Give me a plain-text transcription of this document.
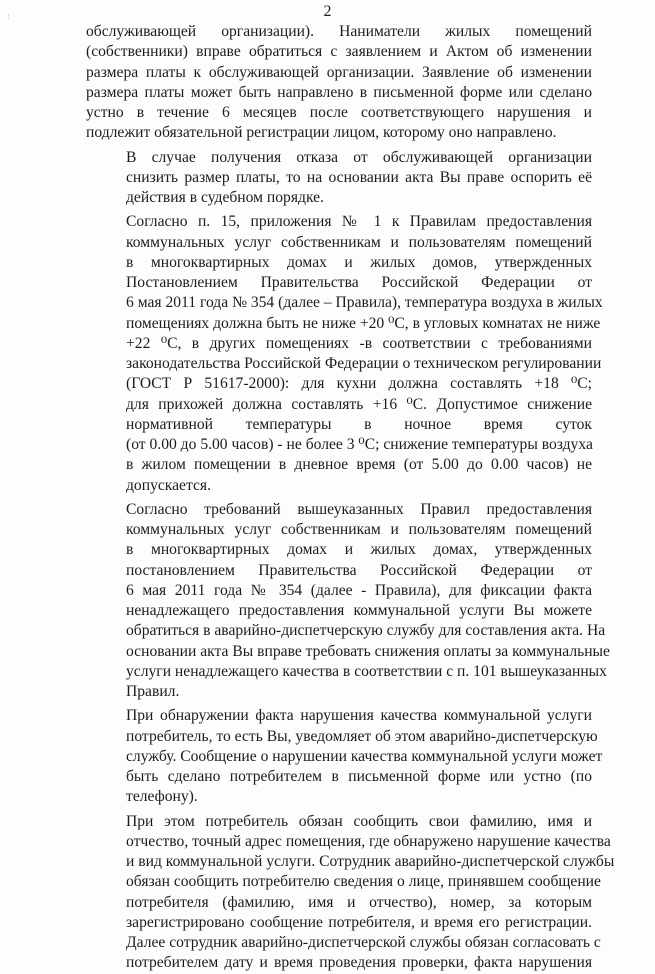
· ·	2
обслуживающей организации). Наниматели жилых помещений
(собственники) вправе обратиться с заявлением и Актом об изменении
размера платы к обслуживающей организации. Заявление об изменении
размера платы может быть направлено в письменной форме или сделано
устно в течение 6 месяцев после соответствующего нарушения и
подлежит обязательной регистрации лицом, которому оно направлено.
В случае получения отказа от обслуживающей организации
снизить размер платы, то на основании акта Вы праве оспорить её
действия в судебном порядке.
Согласно п. 15, приложения № 1 к Правилам предоставления
коммунальных услуг собственникам и пользователям помещений
в многоквартирных домах и жилых домов, утвержденных
Постановлением Правительства Российской Федерации от
6 мая 2011 года № 354 (далее – Правила), температура воздуха в жилых
помещениях должна быть не ниже +20 ⁰С, в угловых комнатах не ниже
+22 ⁰С, в других помещениях -в соответствии с требованиями
законодательства Российской Федерации о техническом регулировании
(ГОСТ Р 51617-2000): для кухни должна составлять +18 ⁰С;
для прихожей должна составлять +16 ⁰С. Допустимое снижение
нормативной температуры в ночное время суток
(от 0.00 до 5.00 часов) - не более 3 ⁰С; снижение температуры воздуха
в жилом помещении в дневное время (от 5.00 до 0.00 часов) не
допускается.
Согласно требований вышеуказанных Правил предоставления
коммунальных услуг собственникам и пользователям помещений
в многоквартирных домах и жилых домах, утвержденных
постановлением Правительства Российской Федерации от
6 мая 2011 года № 354 (далее - Правила), для фиксации факта
ненадлежащего предоставления коммунальной услуги Вы можете
обратиться в аварийно-диспетчерскую службу для составления акта. На
основании акта Вы вправе требовать снижения оплаты за коммунальные
услуги ненадлежащего качества в соответствии с п. 101 вышеуказанных
Правил.
При обнаружении факта нарушения качества коммунальной услуги
потребитель, то есть Вы, уведомляет об этом аварийно-диспетчерскую
службу. Сообщение о нарушении качества коммунальной услуги может
быть сделано потребителем в письменной форме или устно (по
телефону).
При этом потребитель обязан сообщить свои фамилию, имя и
отчество, точный адрес помещения, где обнаружено нарушение качества
и вид коммунальной услуги. Сотрудник аварийно-диспетчерской службы
обязан сообщить потребителю сведения о лице, принявшем сообщение
потребителя (фамилию, имя и отчество), номер, за которым
зарегистрировано сообщение потребителя, и время его регистрации.
Далее сотрудник аварийно-диспетчерской службы обязан согласовать с
потребителем дату и время проведения проверки, факта нарушения
